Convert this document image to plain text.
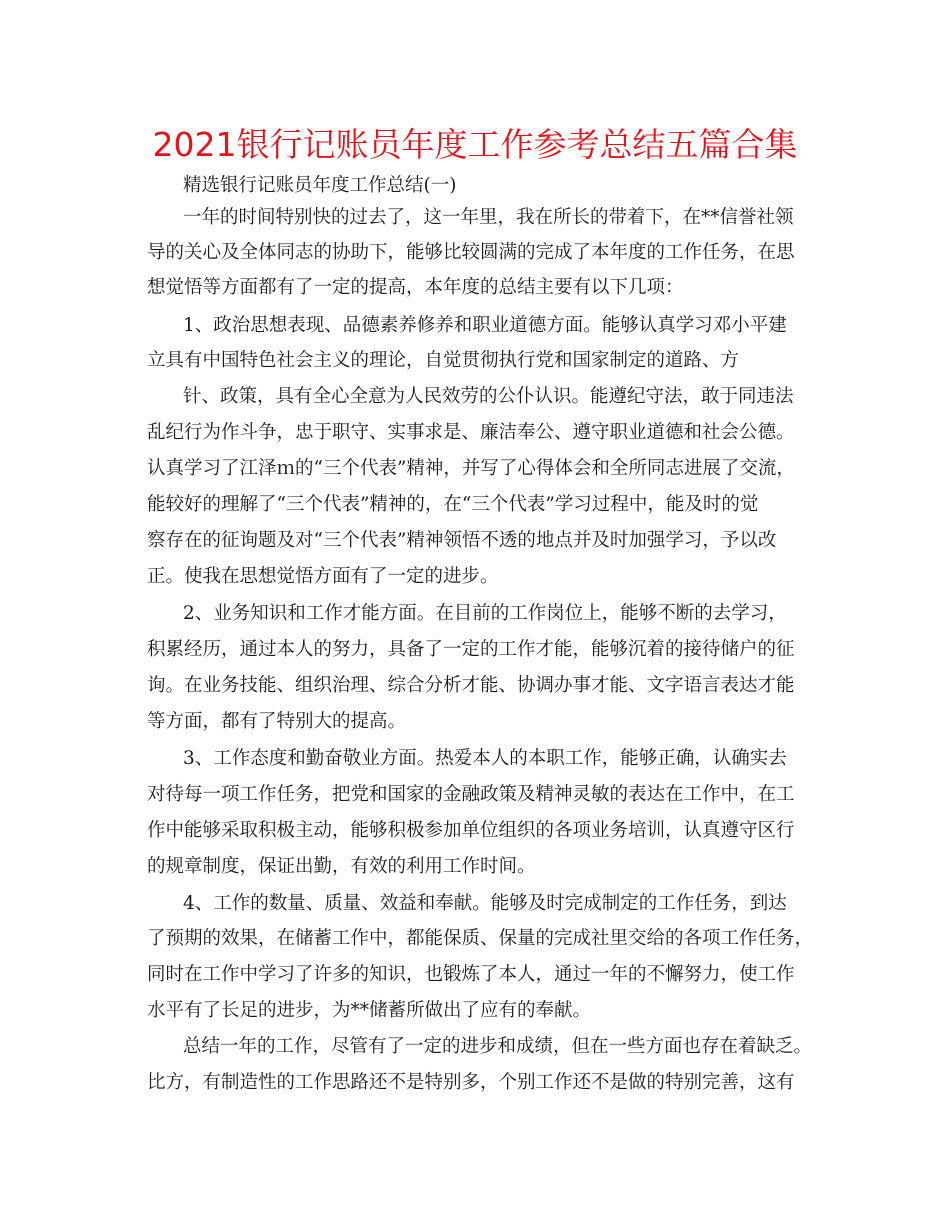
2021银行记账员年度工作参考总结五篇合集
精选银行记账员年度工作总结(一)
一年的时间特别快的过去了，这一年里，我在所长的带着下，在**信誉社领
导的关心及全体同志的协助下，能够比较圆满的完成了本年度的工作任务，在思
想觉悟等方面都有了一定的提高，本年度的总结主要有以下几项：
1、政治思想表现、品德素养修养和职业道德方面。能够认真学习邓小平建
立具有中国特色社会主义的理论，自觉贯彻执行党和国家制定的道路、方
针、政策，具有全心全意为人民效劳的公仆认识。能遵纪守法，敢于同违法
乱纪行为作斗争，忠于职守、实事求是、廉洁奉公、遵守职业道德和社会公德。
认真学习了江泽ｍ的“三个代表”精神，并写了心得体会和全所同志进展了交流，
能较好的理解了“三个代表”精神的，在“三个代表”学习过程中，能及时的觉
察存在的征询题及对“三个代表”精神领悟不透的地点并及时加强学习，予以改
正。使我在思想觉悟方面有了一定的进步。
2、业务知识和工作才能方面。在目前的工作岗位上，能够不断的去学习，
积累经历，通过本人的努力，具备了一定的工作才能，能够沉着的接待储户的征
询。在业务技能、组织治理、综合分析才能、协调办事才能、文字语言表达才能
等方面，都有了特别大的提高。
3、工作态度和勤奋敬业方面。热爱本人的本职工作，能够正确，认确实去
对待每一项工作任务，把党和国家的金融政策及精神灵敏的表达在工作中，在工
作中能够采取积极主动，能够积极参加单位组织的各项业务培训，认真遵守区行
的规章制度，保证出勤，有效的利用工作时间。
4、工作的数量、质量、效益和奉献。能够及时完成制定的工作任务，到达
了预期的效果，在储蓄工作中，都能保质、保量的完成社里交给的各项工作任务，
同时在工作中学习了许多的知识，也锻炼了本人，通过一年的不懈努力，使工作
水平有了长足的进步，为**储蓄所做出了应有的奉献。
总结一年的工作，尽管有了一定的进步和成绩，但在一些方面也存在着缺乏。
比方，有制造性的工作思路还不是特别多，个别工作还不是做的特别完善，这有
